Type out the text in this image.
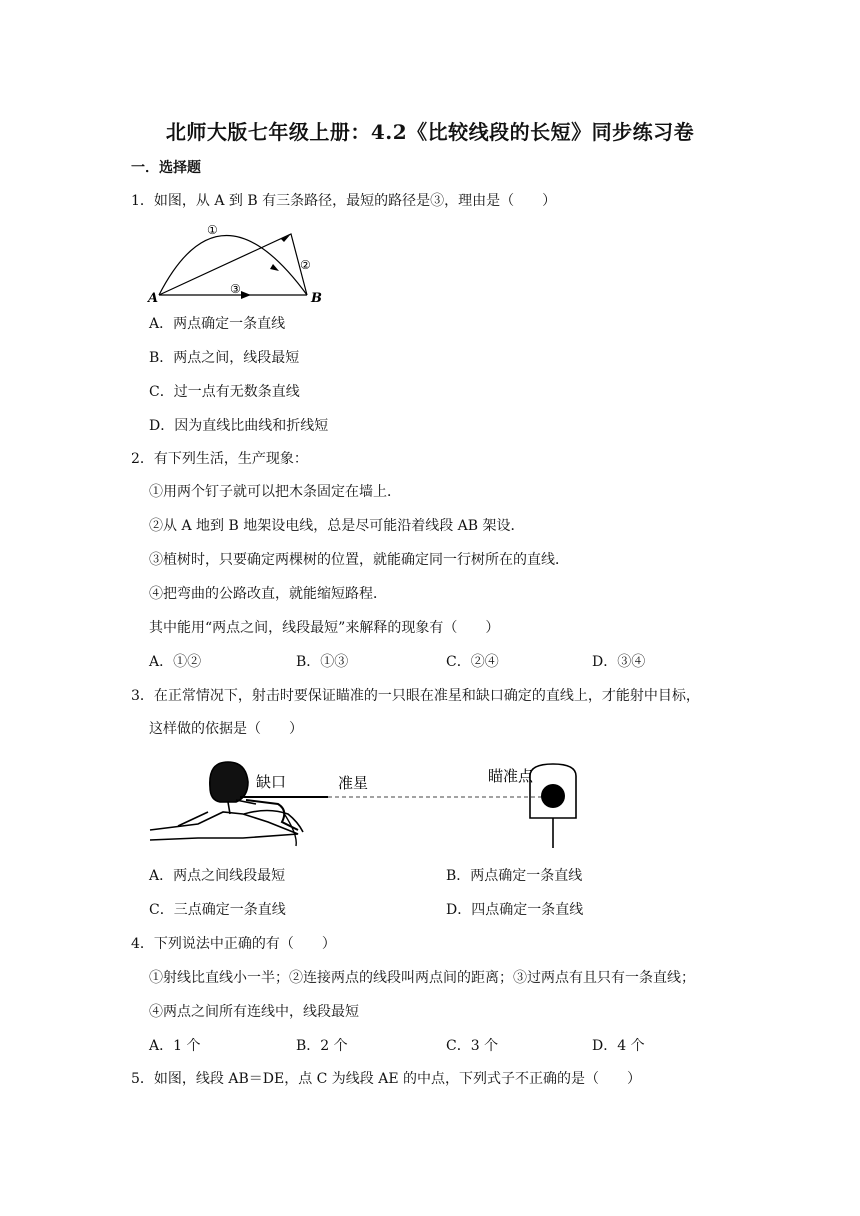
北师大版七年级上册：4.2《比较线段的长短》同步练习卷
一．选择题
1．如图，从 A 到 B 有三条路径，最短的路径是③，理由是（　　）
A	B
①
②
③
A．两点确定一条直线
B．两点之间，线段最短
C．过一点有无数条直线
D．因为直线比曲线和折线短
2．有下列生活，生产现象：
①用两个钉子就可以把木条固定在墙上．
②从 A 地到 B 地架设电线，总是尽可能沿着线段 AB 架设．
③植树时，只要确定两棵树的位置，就能确定同一行树所在的直线．
④把弯曲的公路改直，就能缩短路程．
其中能用“两点之间，线段最短”来解释的现象有（　　）
A．①②	B．①③	C．②④	D．③④
3．在正常情况下，射击时要保证瞄准的一只眼在准星和缺口确定的直线上，才能射中目标，
这样做的依据是（　　）
缺口	准星	瞄准点
A．两点之间线段最短	B．两点确定一条直线
C．三点确定一条直线	D．四点确定一条直线
4．下列说法中正确的有（　　）
①射线比直线小一半；②连接两点的线段叫两点间的距离；③过两点有且只有一条直线；
④两点之间所有连线中，线段最短
A．1 个	B．2 个	C．3 个	D．4 个
5．如图，线段 AB＝DE，点 C 为线段 AE 的中点，下列式子不正确的是（　　）
